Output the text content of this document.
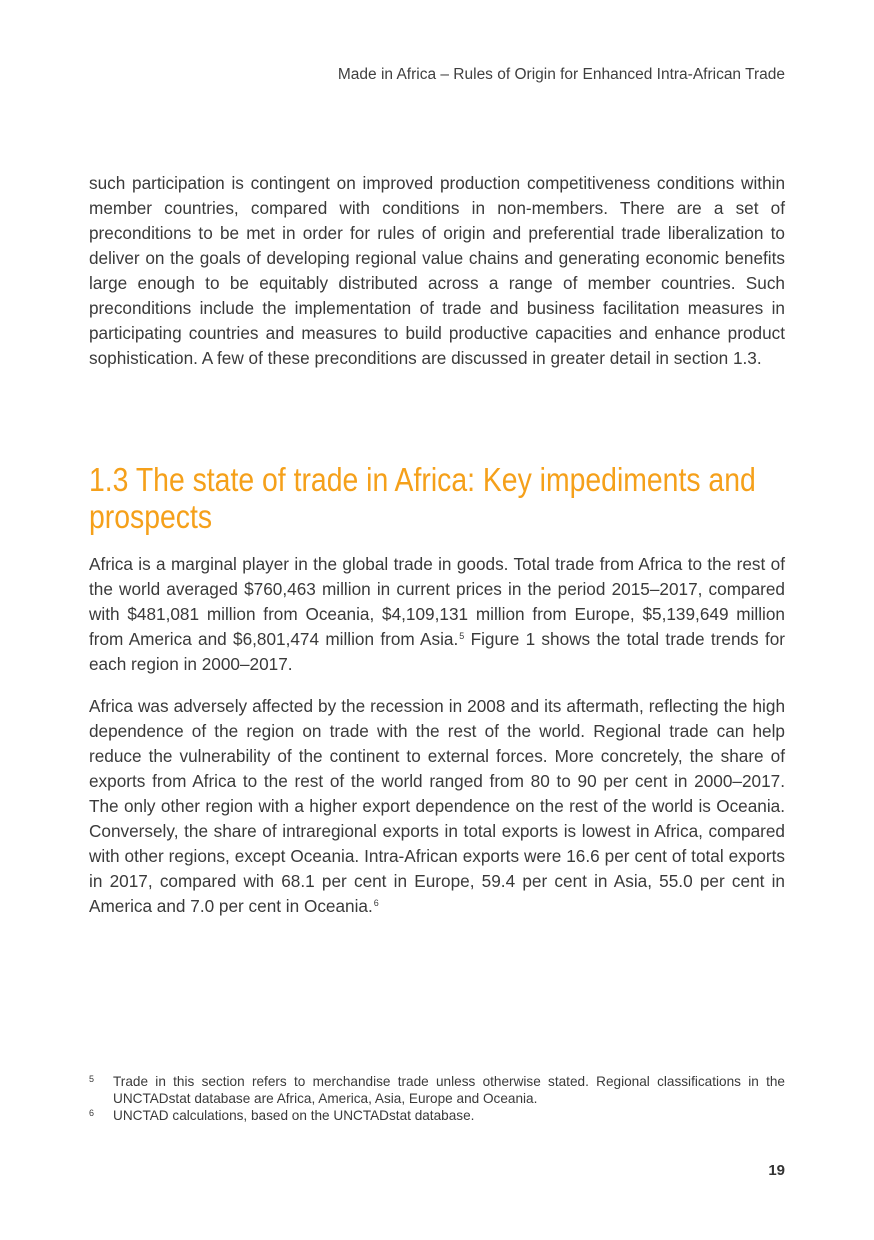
Made in Africa – Rules of Origin for Enhanced Intra-African Trade

such participation is contingent on improved production competitiveness conditions within member countries, compared with conditions in non-members. There are a set of preconditions to be met in order for rules of origin and preferential trade liberalization to deliver on the goals of developing regional value chains and generating economic benefits large enough to be equitably distributed across a range of member countries. Such preconditions include the implementation of trade and business facilitation measures in participating countries and measures to build productive capacities and enhance product sophistication. A few of these preconditions are discussed in greater detail in section 1.3.

1.3 The state of trade in Africa: Key impediments and prospects

Africa is a marginal player in the global trade in goods. Total trade from Africa to the rest of the world averaged $760,463 million in current prices in the period 2015–2017, compared with $481,081 million from Oceania, $4,109,131 million from Europe, $5,139,649 million from America and $6,801,474 million from Asia.$^5$ Figure 1 shows the total trade trends for each region in 2000–2017.

Africa was adversely affected by the recession in 2008 and its aftermath, reflecting the high dependence of the region on trade with the rest of the world. Regional trade can help reduce the vulnerability of the continent to external forces. More concretely, the share of exports from Africa to the rest of the world ranged from 80 to 90 per cent in 2000–2017. The only other region with a higher export dependence on the rest of the world is Oceania. Conversely, the share of intraregional exports in total exports is lowest in Africa, compared with other regions, except Oceania. Intra-African exports were 16.6 per cent of total exports in 2017, compared with 68.1 per cent in Europe, 59.4 per cent in Asia, 55.0 per cent in America and 7.0 per cent in Oceania.$^6$

5 Trade in this section refers to merchandise trade unless otherwise stated. Regional classifications in the UNCTADstat database are Africa, America, Asia, Europe and Oceania.
6 UNCTAD calculations, based on the UNCTADstat database.
19
